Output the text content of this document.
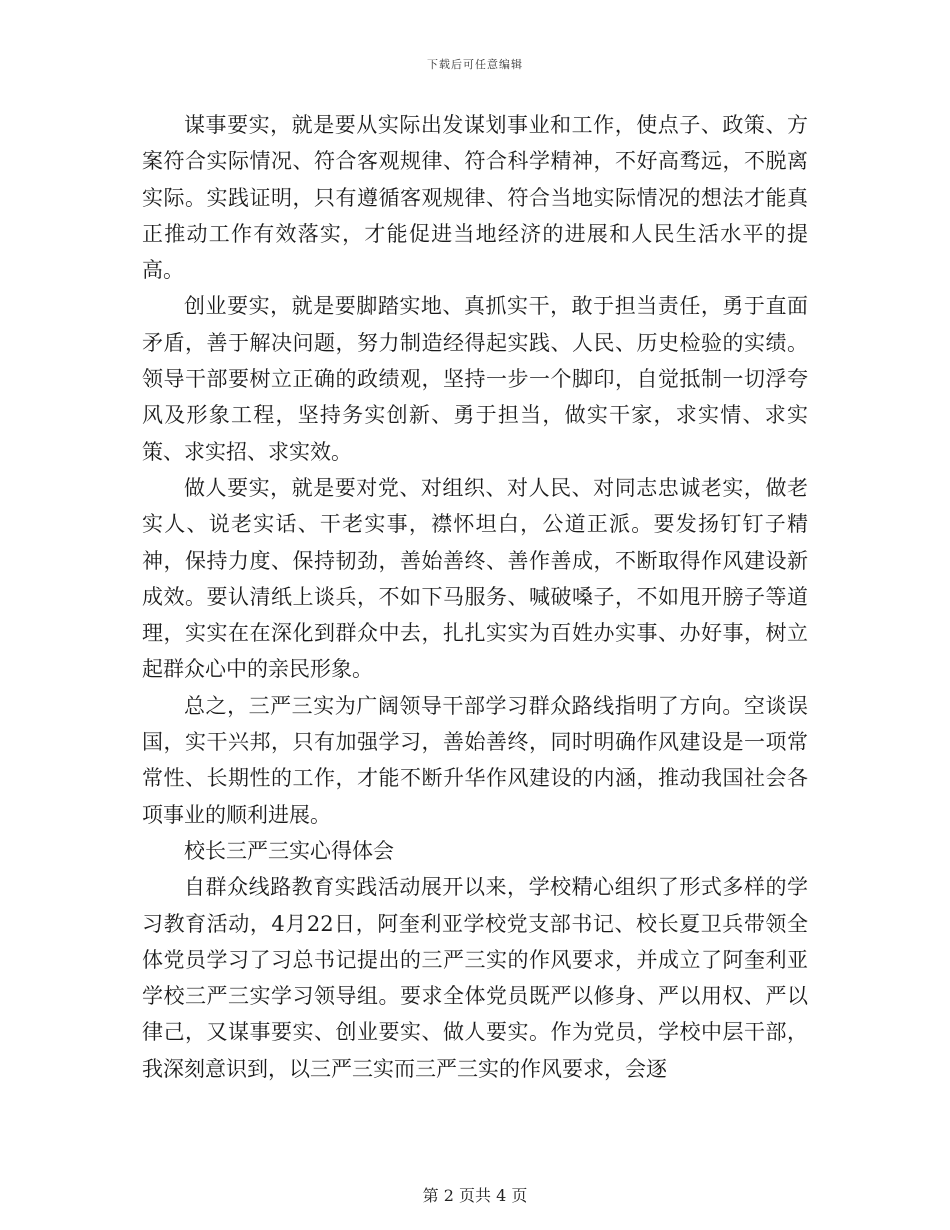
下载后可任意编辑

谋事要实，就是要从实际出发谋划事业和工作，使点子、政策、方案符合实际情况、符合客观规律、符合科学精神，不好高骛远，不脱离实际。实践证明，只有遵循客观规律、符合当地实际情况的想法才能真正推动工作有效落实，才能促进当地经济的进展和人民生活水平的提高。

创业要实，就是要脚踏实地、真抓实干，敢于担当责任，勇于直面矛盾，善于解决问题，努力制造经得起实践、人民、历史检验的实绩。领导干部要树立正确的政绩观，坚持一步一个脚印，自觉抵制一切浮夸风及形象工程，坚持务实创新、勇于担当，做实干家，求实情、求实策、求实招、求实效。

做人要实，就是要对党、对组织、对人民、对同志忠诚老实，做老实人、说老实话、干老实事，襟怀坦白，公道正派。要发扬钉钉子精神，保持力度、保持韧劲，善始善终、善作善成，不断取得作风建设新成效。要认清纸上谈兵，不如下马服务、喊破嗓子，不如甩开膀子等道理，实实在在深化到群众中去，扎扎实实为百姓办实事、办好事，树立起群众心中的亲民形象。

总之，三严三实为广阔领导干部学习群众路线指明了方向。空谈误国，实干兴邦，只有加强学习，善始善终，同时明确作风建设是一项常常性、长期性的工作，才能不断升华作风建设的内涵，推动我国社会各项事业的顺利进展。

校长三严三实心得体会

自群众线路教育实践活动展开以来，学校精心组织了形式多样的学习教育活动，4月22日，阿奎利亚学校党支部书记、校长夏卫兵带领全体党员学习了习总书记提出的三严三实的作风要求，并成立了阿奎利亚学校三严三实学习领导组。要求全体党员既严以修身、严以用权、严以律己，又谋事要实、创业要实、做人要实。作为党员，学校中层干部，我深刻意识到，以三严三实而三严三实的作风要求，会逐

第 2 页共 4 页
